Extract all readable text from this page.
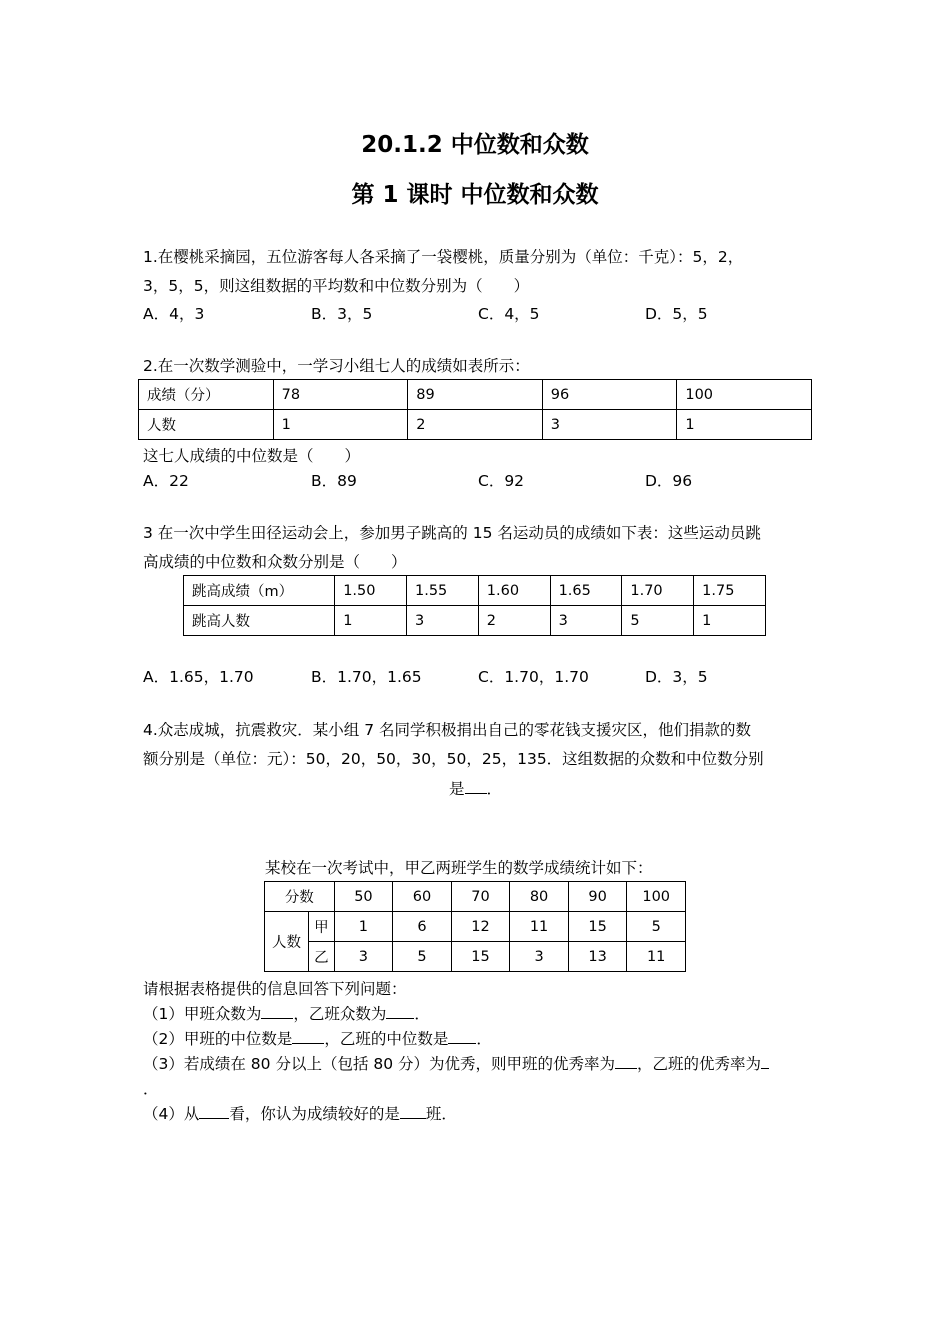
20.1.2 中位数和众数
第 1 课时 中位数和众数
1.在樱桃采摘园，五位游客每人各采摘了一袋樱桃，质量分别为（单位：千克）：5，2，
3，5，5，则这组数据的平均数和中位数分别为（　　）
A．4，3	B．3，5	C．4，5	D．5，5
2.在一次数学测验中，一学习小组七人的成绩如表所示：
成绩（分）	78	89	96	100
人数	1	2	3	1
这七人成绩的中位数是（　　）
A．22	B．89	C．92	D．96
3 在一次中学生田径运动会上，参加男子跳高的 15 名运动员的成绩如下表：这些运动员跳
高成绩的中位数和众数分别是（　　）
跳高成绩（m）	1.50	1.55	1.60	1.65	1.70	1.75
跳高人数	1	3	2	3	5	1
A．1.65，1.70	B．1.70，1.65	C．1.70，1.70	D．3，5
4.众志成城，抗震救灾．某小组 7 名同学积极捐出自己的零花钱支援灾区，他们捐款的数
额分别是（单位：元）：50，20，50，30，50，25，135．这组数据的众数和中位数分别
是 ．
某校在一次考试中，甲乙两班学生的数学成绩统计如下：
分数		50	60	70	80	90	100
人数	甲	1	6	12	11	15	5
	乙	3	5	15	3	13	11
请根据表格提供的信息回答下列问题：
（1）甲班众数为 ，乙班众数为 ．
（2）甲班的中位数是 ，乙班的中位数是 ．
（3）若成绩在 80 分以上（包括 80 分）为优秀，则甲班的优秀率为 ，乙班的优秀率为
．
（4）从 看，你认为成绩较好的是 班．
